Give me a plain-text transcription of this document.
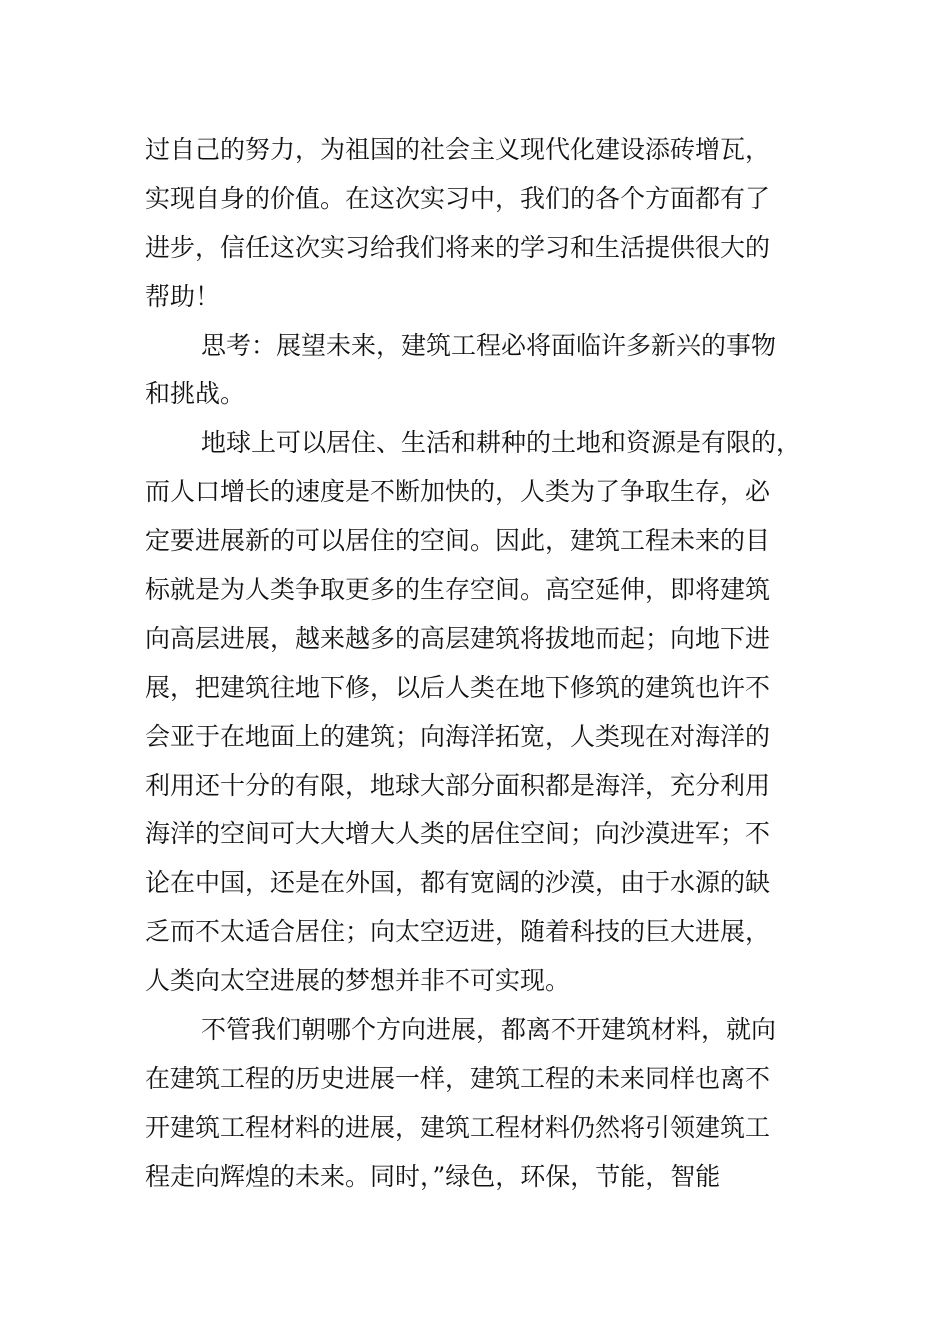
过自己的努力，为祖国的社会主义现代化建设添砖增瓦，
实现自身的价值。在这次实习中，我们的各个方面都有了
进步，信任这次实习给我们将来的学习和生活提供很大的
帮助！
思考：展望未来，建筑工程必将面临许多新兴的事物
和挑战。
地球上可以居住、生活和耕种的土地和资源是有限的，
而人口增长的速度是不断加快的，人类为了争取生存，必
定要进展新的可以居住的空间。因此，建筑工程未来的目
标就是为人类争取更多的生存空间。高空延伸，即将建筑
向高层进展，越来越多的高层建筑将拔地而起；向地下进
展，把建筑往地下修，以后人类在地下修筑的建筑也许不
会亚于在地面上的建筑；向海洋拓宽，人类现在对海洋的
利用还十分的有限，地球大部分面积都是海洋，充分利用
海洋的空间可大大增大人类的居住空间；向沙漠进军；不
论在中国，还是在外国，都有宽阔的沙漠，由于水源的缺
乏而不太适合居住；向太空迈进，随着科技的巨大进展，
人类向太空进展的梦想并非不可实现。
不管我们朝哪个方向进展，都离不开建筑材料，就向
在建筑工程的历史进展一样，建筑工程的未来同样也离不
开建筑工程材料的进展，建筑工程材料仍然将引领建筑工
程走向辉煌的未来。同时，”绿色，环保，节能，智能
